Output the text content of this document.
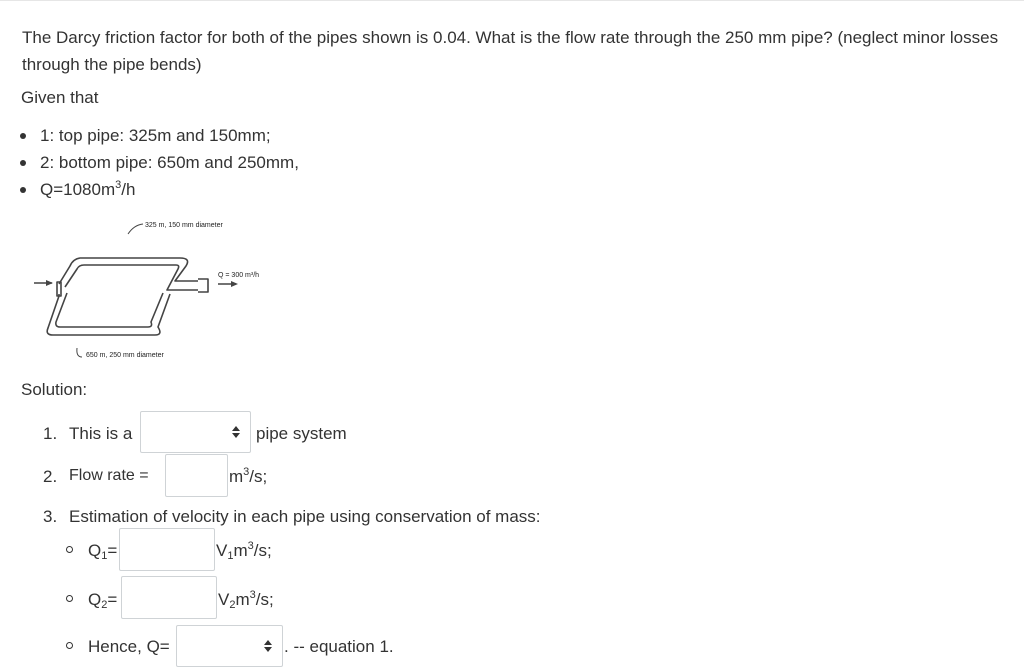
The Darcy friction factor for both of the pipes shown is 0.04. What is the flow rate through the 250 mm pipe? (neglect minor losses through the pipe bends)
Given that
1: top pipe: 325m and 150mm;
2: bottom pipe: 650m and 250mm,
$Q=1080m^3/h$
325 m, 150 mm diameter
650 m, 250 mm diameter
Q = 300 m³/h
Solution:
1. This is a	pipe system
2. Flow rate =	$m^3/s$;
3. Estimation of velocity in each pipe using conservation of mass:
$Q_1=$	$V_1m^3/s$;
$Q_2=$	$V_2m^3/s$;
Hence, Q=	. -- equation 1.
